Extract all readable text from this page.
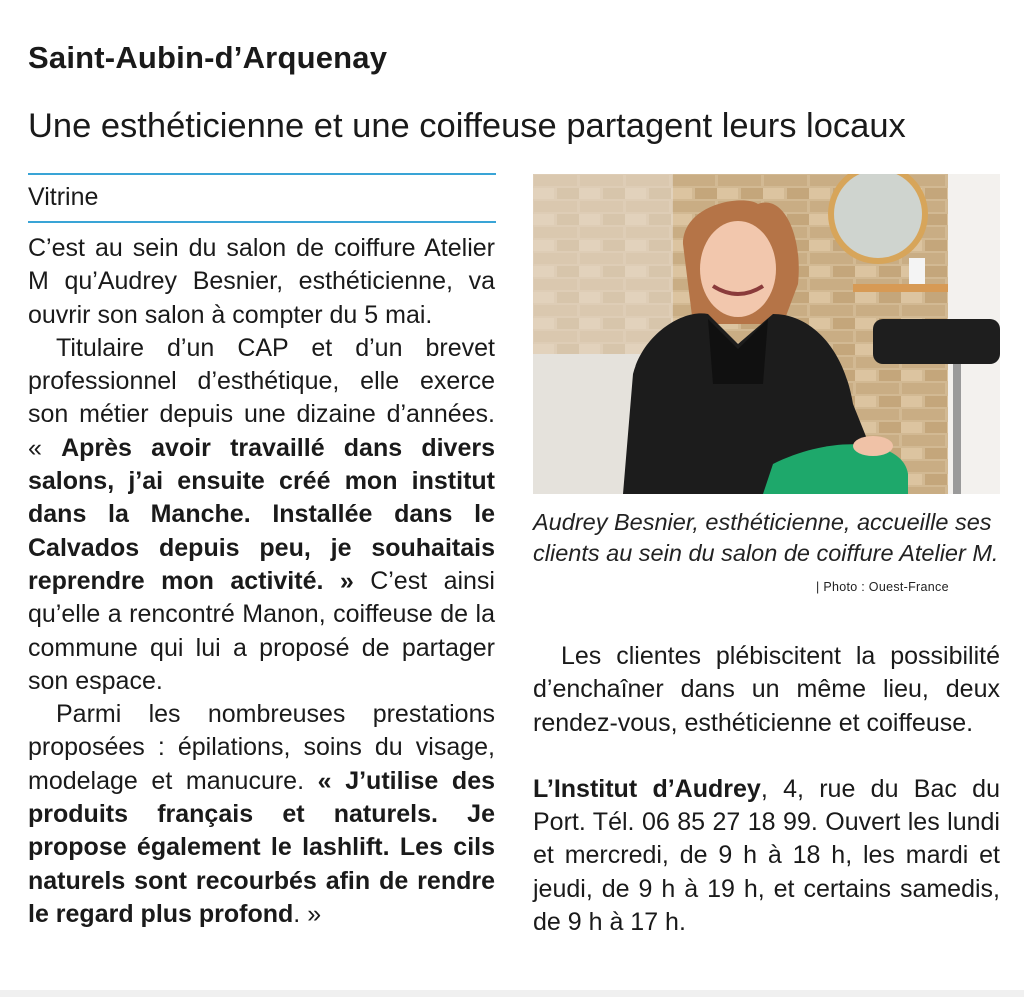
Saint-Aubin-d’Arquenay
Une esthéticienne et une coiffeuse partagent leurs locaux
Vitrine

C’est au sein du salon de coiffure Atelier M qu’Audrey Besnier, esthéticienne, va ouvrir son salon à compter du 5 mai.

Titulaire d’un CAP et d’un brevet professionnel d’esthétique, elle exerce son métier depuis une dizaine d’années. « Après avoir travaillé dans divers salons, j’ai ensuite créé mon institut dans la Manche. Installée dans le Calvados depuis peu, je souhaitais reprendre mon activité. » C’est ainsi qu’elle a rencontré Manon, coiffeuse de la commune qui lui a proposé de partager son espace.

Parmi les nombreuses prestations proposées : épilations, soins du visage, modelage et manucure. « J’utilise des produits français et naturels. Je propose également le lashlift. Les cils naturels sont recourbés afin de rendre le regard plus profond. »

Audrey Besnier, esthéticienne, accueille ses clients au sein du salon de coiffure Atelier M.
| Photo : Ouest-France

Les clientes plébiscitent la possibilité d’enchaîner dans un même lieu, deux rendez-vous, esthéticienne et coiffeuse.

L’Institut d’Audrey, 4, rue du Bac du Port. Tél. 06 85 27 18 99. Ouvert les lundi et mercredi, de 9 h à 18 h, les mardi et jeudi, de 9 h à 19 h, et certains samedis, de 9 h à 17 h.
